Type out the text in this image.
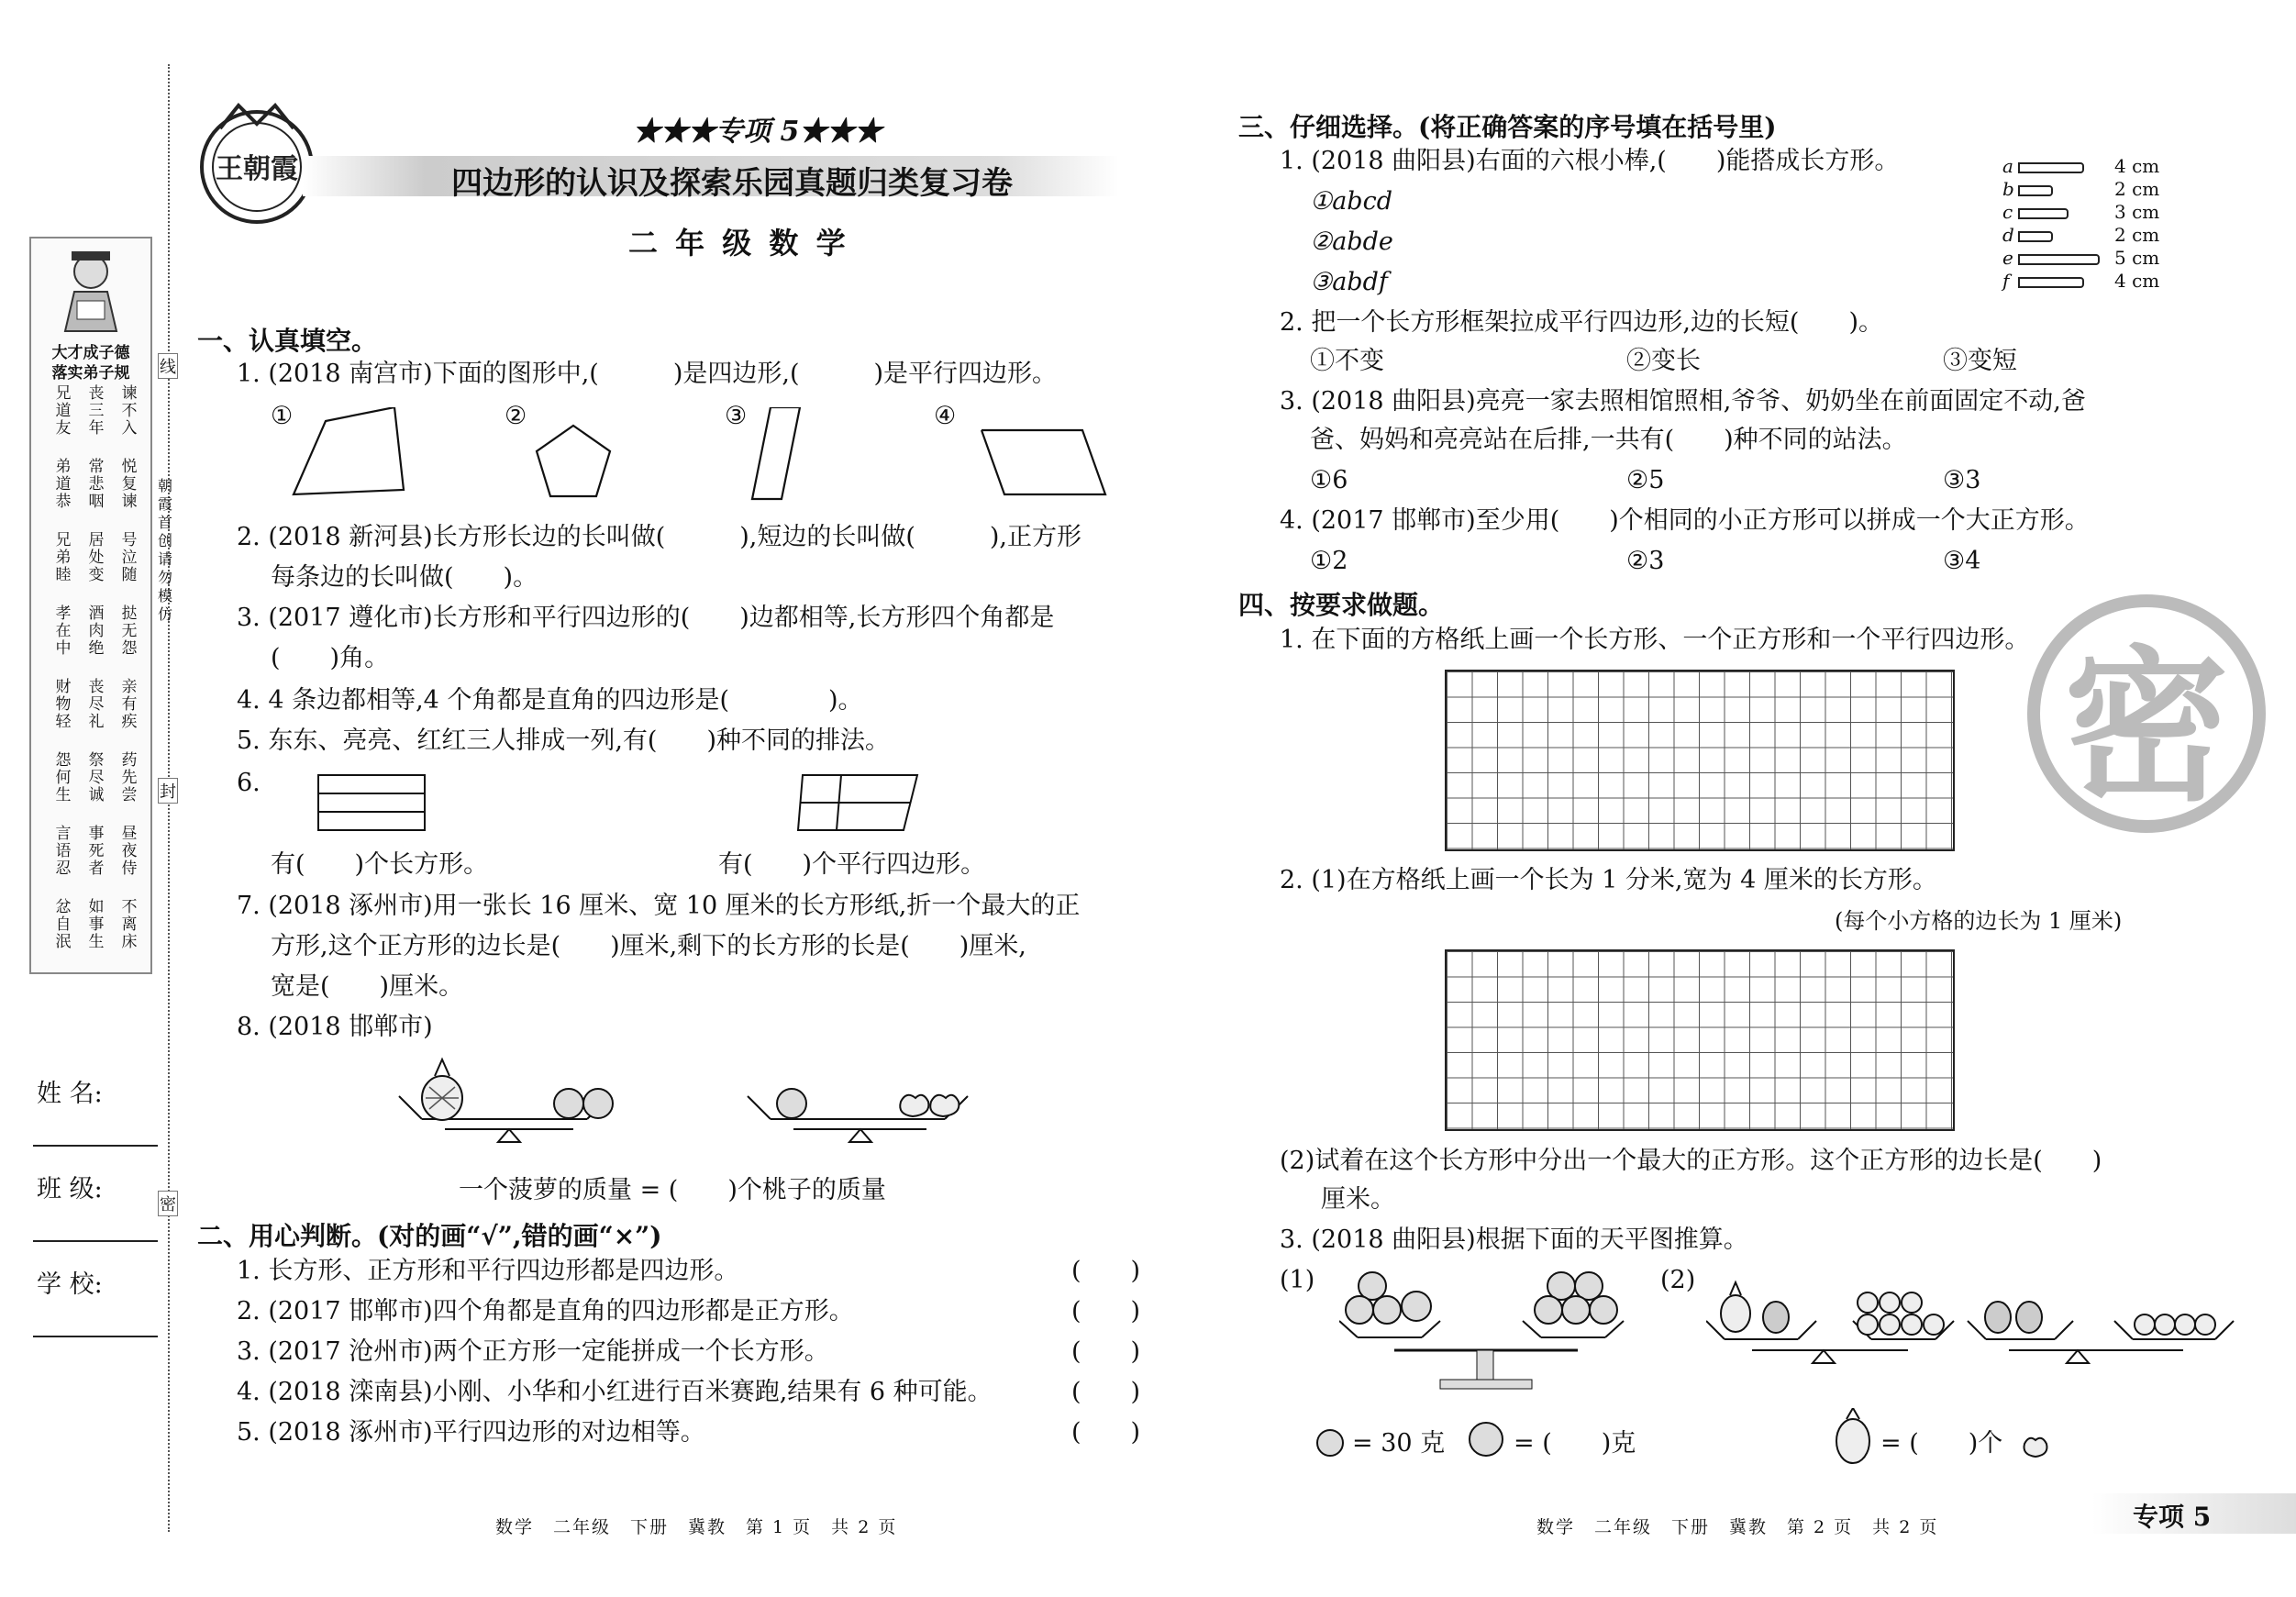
大才成子德
落实弟子规
兄道友
丧三年
谏不入
弟道恭
常悲咽
悦复谏
兄弟睦
居处变
号泣随
孝在中
酒肉绝
挞无怨
财物轻
丧尽礼
亲有疾
怨何生
祭尽诚
药先尝
言语忍
事死者
昼夜侍
忿自泯
如事生
不离床
姓 名:
班 级:
学 校:
线
朝霞首创 请勿模仿
封
密
王朝霞
★★★专项 5★★★
四边形的认识及探索乐园真题归类复习卷
二 年 级 数 学
一、认真填空。
1. (2018 南宫市)下面的图形中,(　　　)是四边形,(　　　)是平行四边形。
①	②	③	④
2. (2018 新河县)长方形长边的长叫做(　　　),短边的长叫做(　　　),正方形
每条边的长叫做(　　)。
3. (2017 遵化市)长方形和平行四边形的(　　)边都相等,长方形四个角都是
(　　)角。
4. 4 条边都相等,4 个角都是直角的四边形是(　　　　)。
5. 东东、亮亮、红红三人排成一列,有(　　)种不同的排法。
6.
有(　　)个长方形。	有(　　)个平行四边形。
7. (2018 涿州市)用一张长 16 厘米、宽 10 厘米的长方形纸,折一个最大的正
方形,这个正方形的边长是(　　)厘米,剩下的长方形的长是(　　)厘米,
宽是(　　)厘米。
8. (2018 邯郸市)
一个菠萝的质量 = (　　)个桃子的质量
二、用心判断。(对的画“√”,错的画“×”)
1. 长方形、正方形和平行四边形都是四边形。	(　　)
2. (2017 邯郸市)四个角都是直角的四边形都是正方形。	(　　)
3. (2017 沧州市)两个正方形一定能拼成一个长方形。	(　　)
4. (2018 滦南县)小刚、小华和小红进行百米赛跑,结果有 6 种可能。	(　　)
5. (2018 涿州市)平行四边形的对边相等。	(　　)
三、仔细选择。(将正确答案的序号填在括号里)
1. (2018 曲阳县)右面的六根小棒,(　　)能搭成长方形。
①abcd
②abde
③abdf
a	4 cm
b	2 cm
c	3 cm
d	2 cm
e	5 cm
f	4 cm
2. 把一个长方形框架拉成平行四边形,边的长短(　　)。
①不变	②变长	③变短
3. (2018 曲阳县)亮亮一家去照相馆照相,爷爷、奶奶坐在前面固定不动,爸
爸、妈妈和亮亮站在后排,一共有(　　)种不同的站法。
①6	②5	③3
4. (2017 邯郸市)至少用(　　)个相同的小正方形可以拼成一个大正方形。
①2	②3	③4
四、按要求做题。
1. 在下面的方格纸上画一个长方形、一个正方形和一个平行四边形。
2. (1)在方格纸上画一个长为 1 分米,宽为 4 厘米的长方形。
(每个小方格的边长为 1 厘米)
(2)试着在这个长方形中分出一个最大的正方形。这个正方形的边长是(　　)
厘米。
3. (2018 曲阳县)根据下面的天平图推算。
(1)	(2)
= 30 克	= (　　)克	= (　　)个
密
数学　二年级　下册　冀教　第 1 页　共 2 页	数学　二年级　下册　冀教　第 2 页　共 2 页	专项 5
